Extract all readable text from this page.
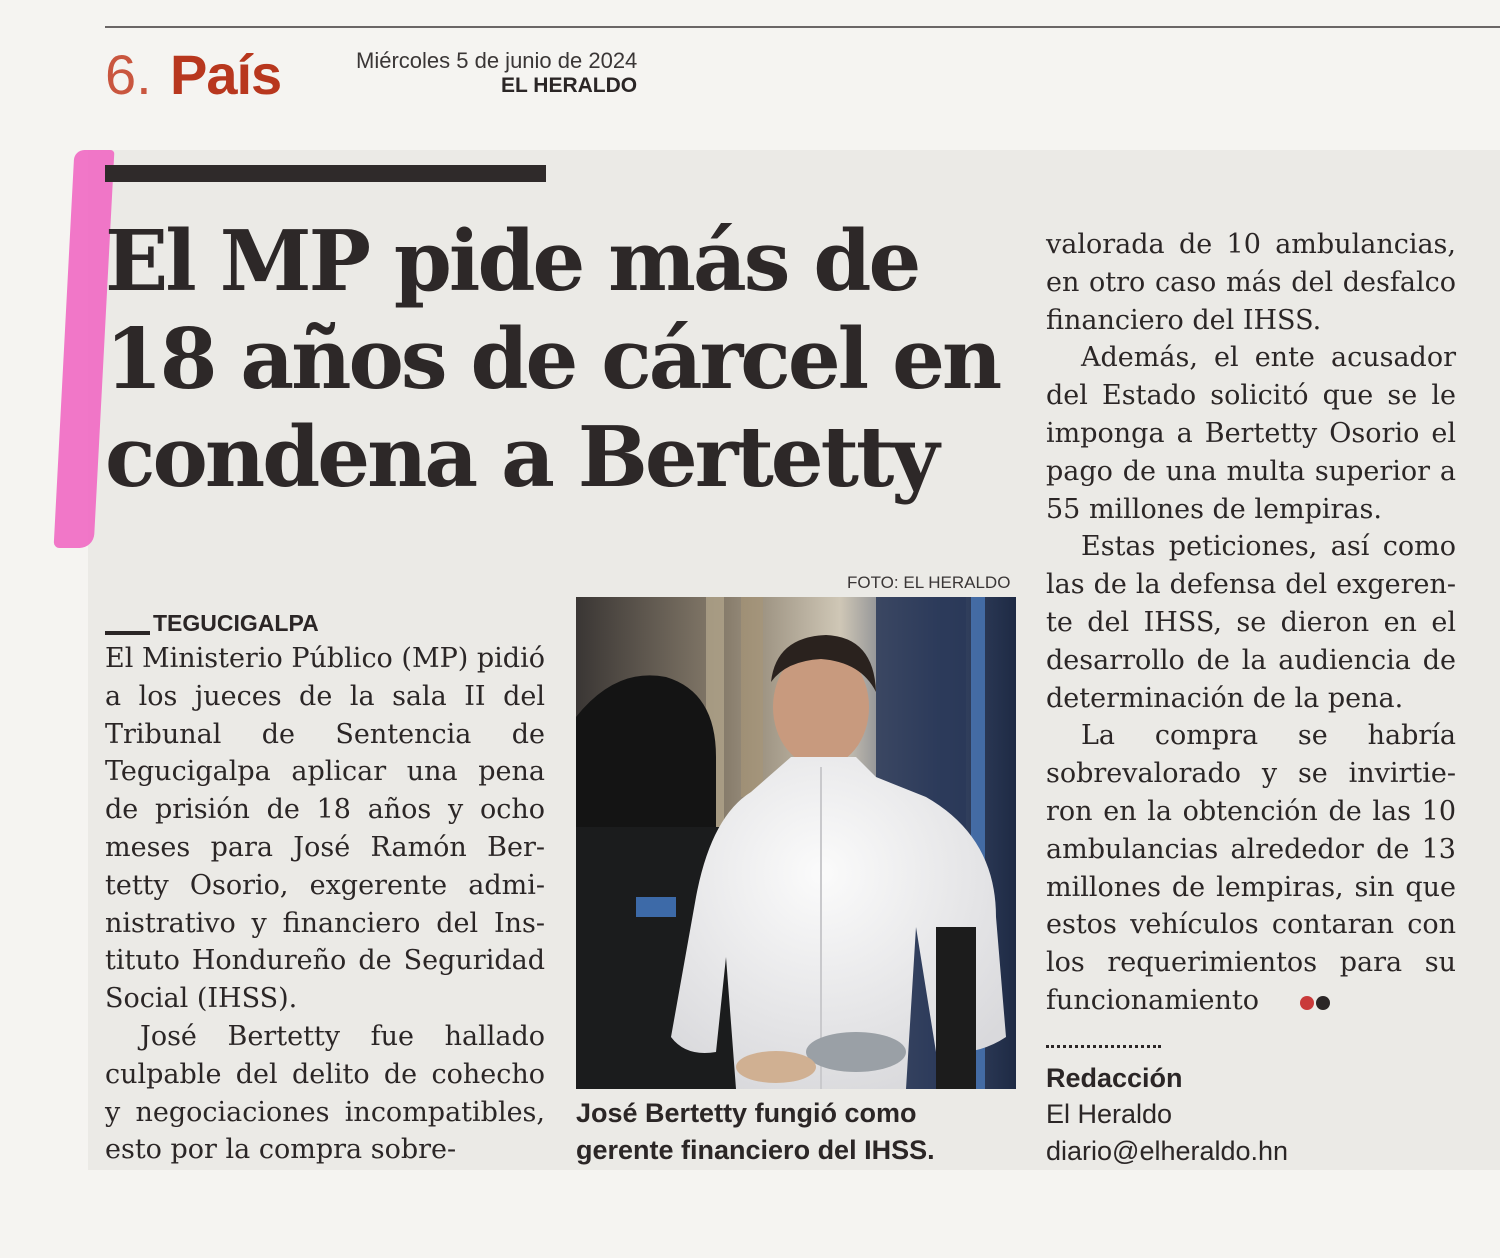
6. País	Miércoles 5 de junio de 2024
EL HERALDO
El MP pide más de
18 años de cárcel en
condena a Bertetty
TEGUCIGALPA

El Ministerio Público (MP) pidió a los jueces de la sala II del Tribunal de Sentencia de Tegucigalpa aplicar una pena de prisión de 18 años y ocho meses para José Ramón Bertetty Osorio, exgerente administrativo y financiero del Instituto Hondureño de Seguridad Social (IHSS).

José Bertetty fue hallado culpable del delito de cohecho y negociaciones incompatibles, esto por la compra sobre-

FOTO: EL HERALDO
José Bertetty fungió como gerente financiero del IHSS.

valorada de 10 ambulancias, en otro caso más del desfalco financiero del IHSS.

Además, el ente acusador del Estado solicitó que se le imponga a Bertetty Osorio el pago de una multa superior a 55 millones de lempiras.

Estas peticiones, así como las de la defensa del exgerente del IHSS, se dieron en el desarrollo de la audiencia de determinación de la pena.

La compra se habría sobrevalorado y se invirtieron en la obtención de las 10 ambulancias alrededor de 13 millones de lempiras, sin que estos vehículos contaran con los requerimientos para su funcionamiento

Redacción
El Heraldo
diario@elheraldo.hn
